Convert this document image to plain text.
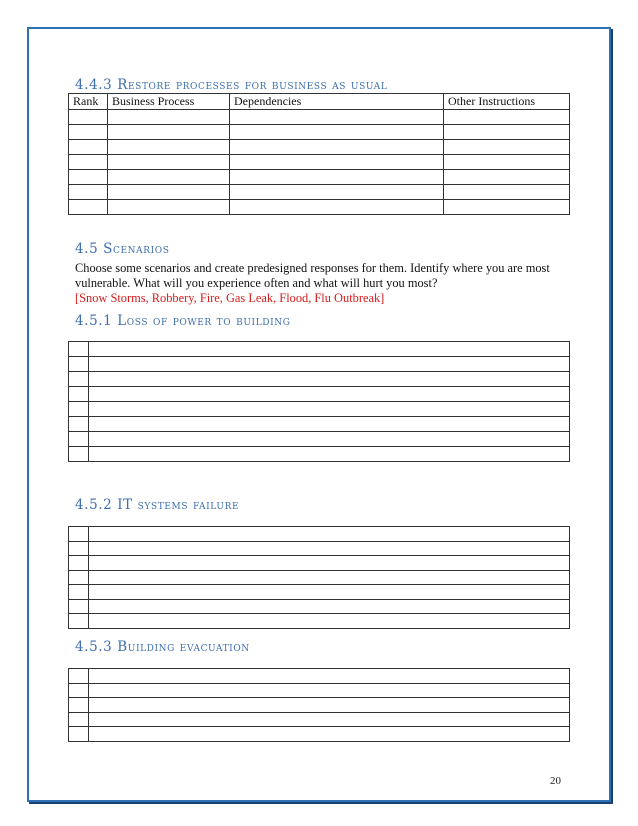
4.4.3 Restore processes for business as usual
Rank	Business Process	Dependencies	Other Instructions

4.5 Scenarios

Choose some scenarios and create predesigned responses for them. Identify where you are most vulnerable. What will you experience often and what will hurt you most?

[Snow Storms, Robbery, Fire, Gas Leak, Flood, Flu Outbreak]

4.5.1 Loss of power to building

4.5.2 IT systems failure

4.5.3 Building evacuation

20
